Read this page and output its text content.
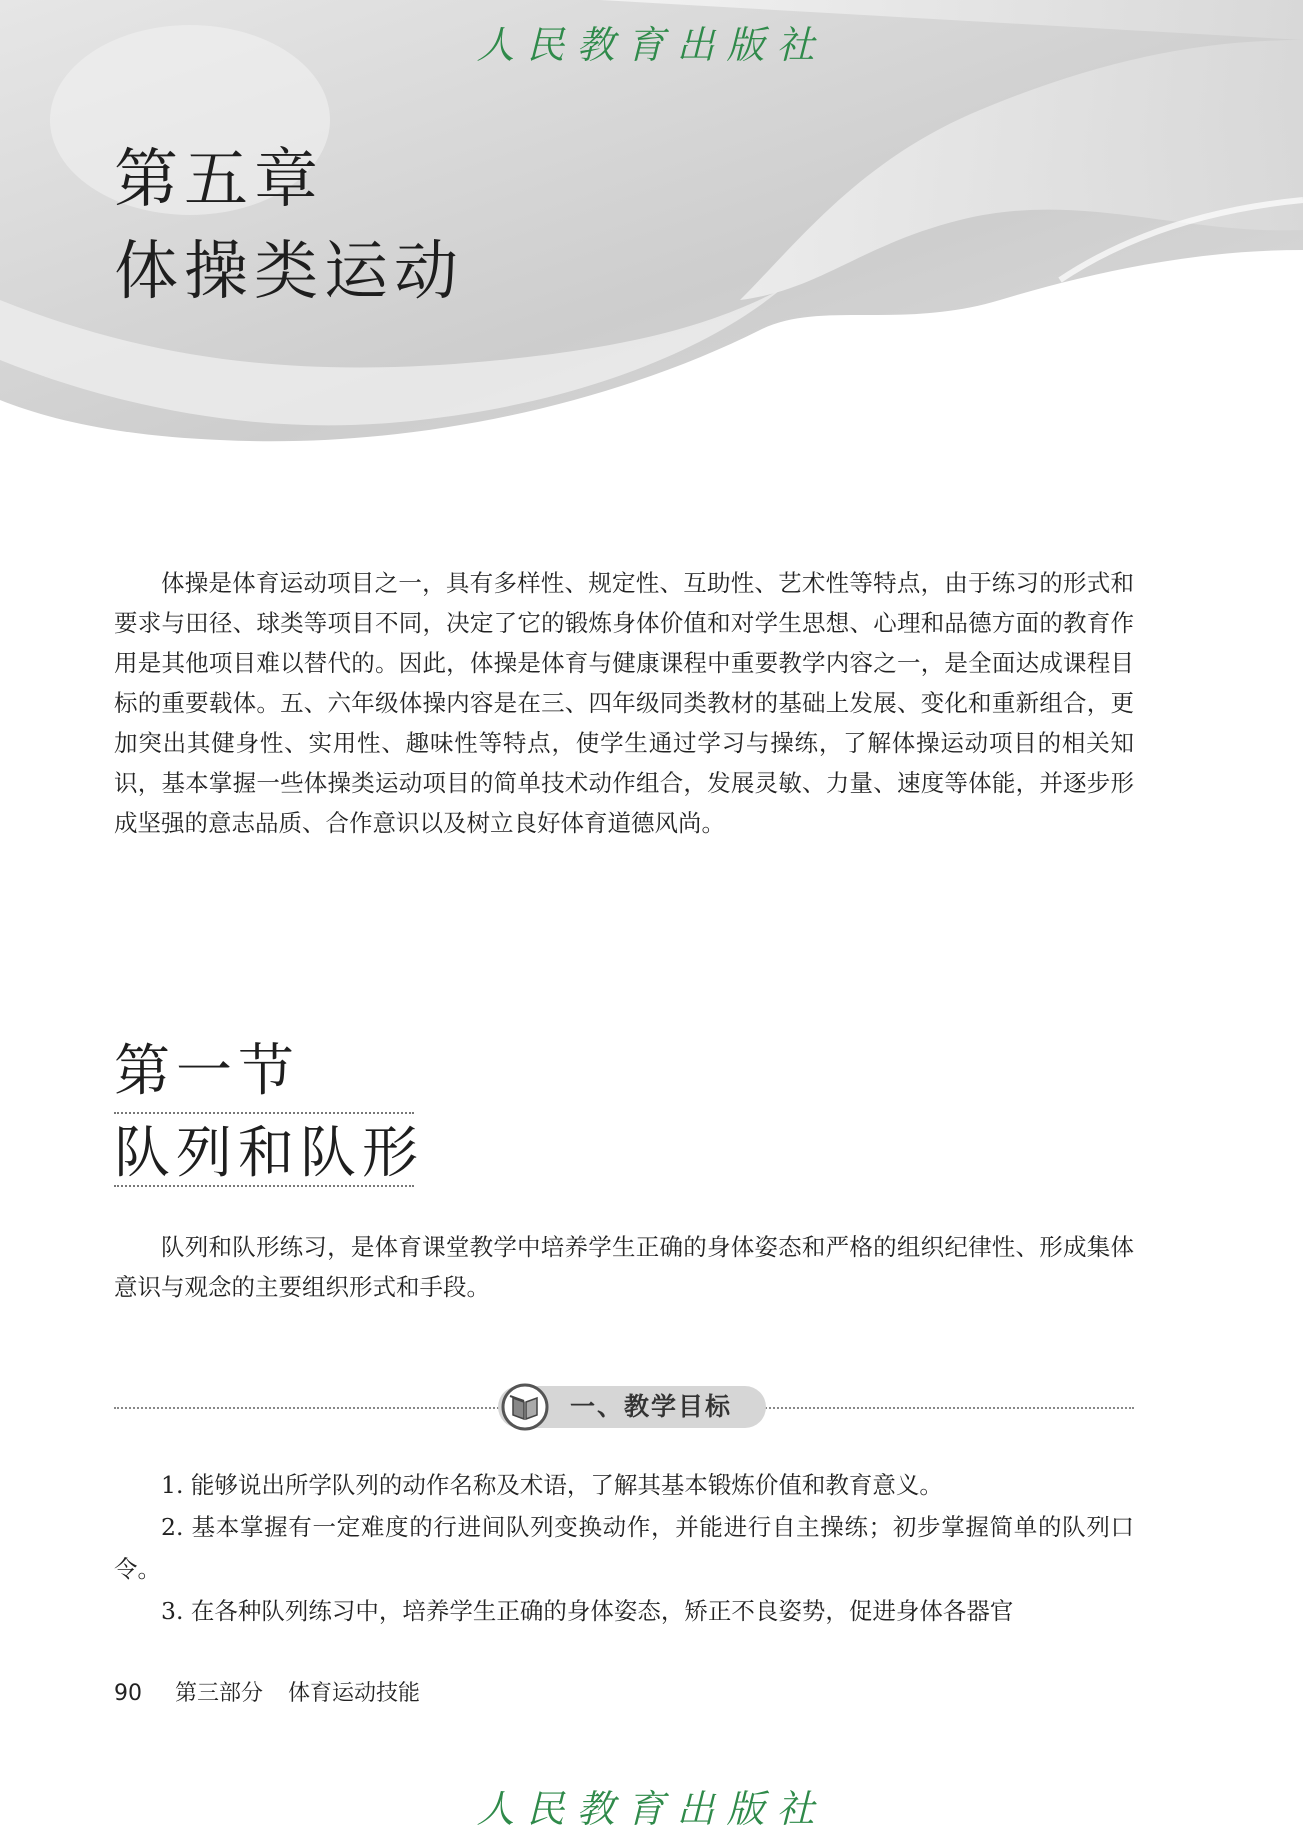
人民教育出版社
第五章
体操类运动

体操是体育运动项目之一，具有多样性、规定性、互助性、艺术性等特点，由于练习的形式和要求与田径、球类等项目不同，决定了它的锻炼身体价值和对学生思想、心理和品德方面的教育作用是其他项目难以替代的。因此，体操是体育与健康课程中重要教学内容之一，是全面达成课程目标的重要载体。五、六年级体操内容是在三、四年级同类教材的基础上发展、变化和重新组合，更加突出其健身性、实用性、趣味性等特点，使学生通过学习与操练，了解体操运动项目的相关知识，基本掌握一些体操类运动项目的简单技术动作组合，发展灵敏、力量、速度等体能，并逐步形成坚强的意志品质、合作意识以及树立良好体育道德风尚。

第一节
队列和队形

队列和队形练习，是体育课堂教学中培养学生正确的身体姿态和严格的组织纪律性、形成集体意识与观念的主要组织形式和手段。

一、教学目标

1. 能够说出所学队列的动作名称及术语，了解其基本锻炼价值和教育意义。

2. 基本掌握有一定难度的行进间队列变换动作，并能进行自主操练；初步掌握简单的队列口令。

3. 在各种队列练习中，培养学生正确的身体姿态，矫正不良姿势，促进身体各器官

90 第三部分 体育运动技能
人民教育出版社
